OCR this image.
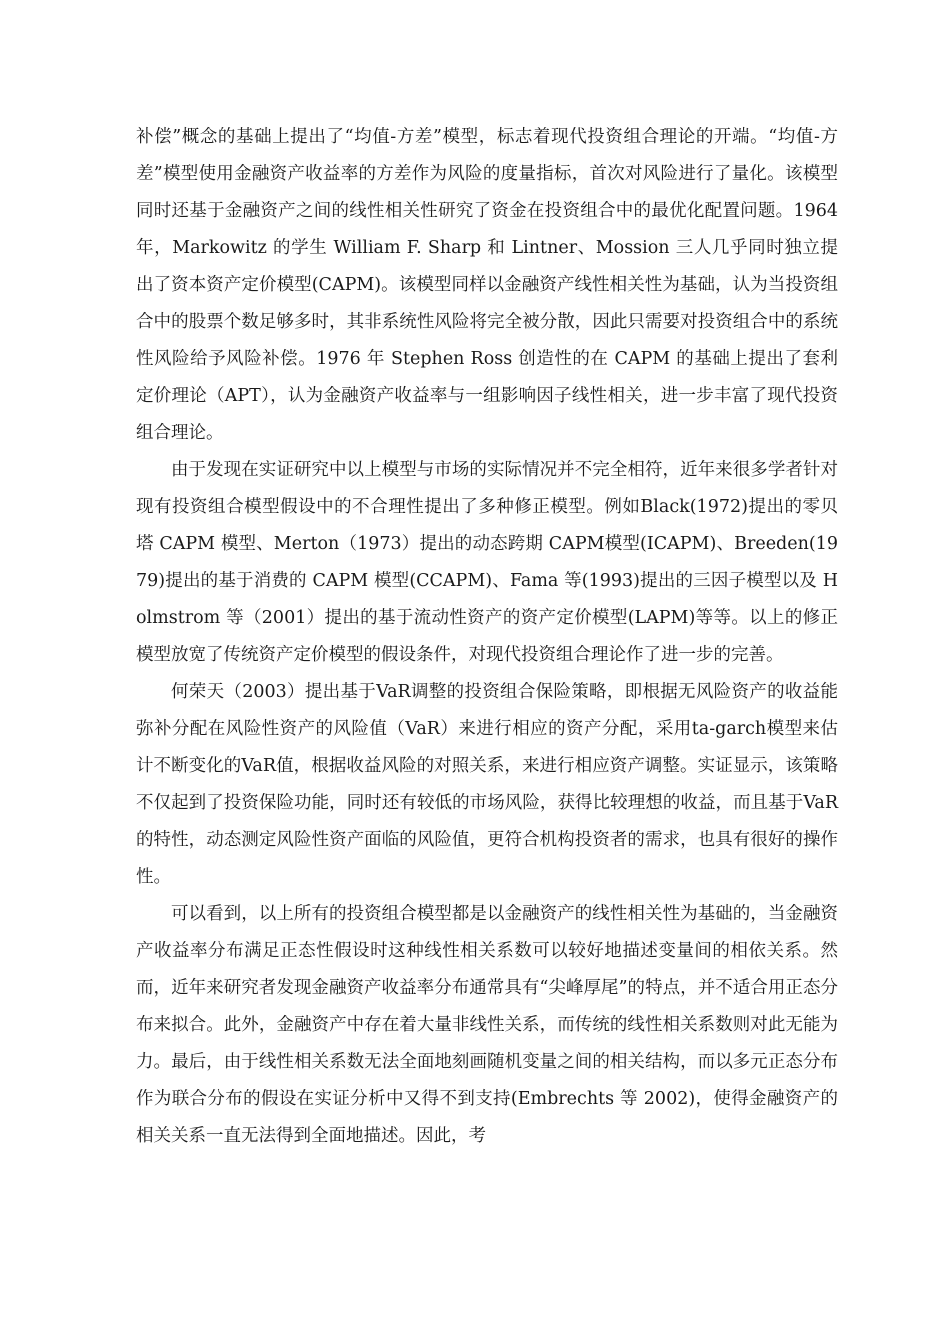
补偿”概念的基础上提出了“均值-方差”模型，标志着现代投资组合理论的开端。“均值-方差”模型使用金融资产收益率的方差作为风险的度量指标，首次对风险进行了量化。该模型同时还基于金融资产之间的线性相关性研究了资金在投资组合中的最优化配置问题。1964 年，Markowitz 的学生 William F. Sharp 和 Lintner、Mossion 三人几乎同时独立提出了资本资产定价模型(CAPM)。该模型同样以金融资产线性相关性为基础，认为当投资组合中的股票个数足够多时，其非系统性风险将完全被分散，因此只需要对投资组合中的系统性风险给予风险补偿。1976 年 Stephen Ross 创造性的在 CAPM 的基础上提出了套利定价理论（APT），认为金融资产收益率与一组影响因子线性相关，进一步丰富了现代投资组合理论。

由于发现在实证研究中以上模型与市场的实际情况并不完全相符，近年来很多学者针对现有投资组合模型假设中的不合理性提出了多种修正模型。例如Black(1972)提出的零贝塔 CAPM 模型、Merton（1973）提出的动态跨期 CAPM模型(ICAPM)、Breeden(1979)提出的基于消费的 CAPM 模型(CCAPM)、Fama 等(1993)提出的三因子模型以及 Holmstrom 等（2001）提出的基于流动性资产的资产定价模型(LAPM)等等。以上的修正模型放宽了传统资产定价模型的假设条件，对现代投资组合理论作了进一步的完善。

何荣天（2003）提出基于VaR调整的投资组合保险策略，即根据无风险资产的收益能弥补分配在风险性资产的风险值（VaR）来进行相应的资产分配，采用ta-garch模型来估计不断变化的VaR值，根据收益风险的对照关系，来进行相应资产调整。实证显示，该策略不仅起到了投资保险功能，同时还有较低的市场风险，获得比较理想的收益，而且基于VaR的特性，动态测定风险性资产面临的风险值，更符合机构投资者的需求，也具有很好的操作性。

可以看到，以上所有的投资组合模型都是以金融资产的线性相关性为基础的，当金融资产收益率分布满足正态性假设时这种线性相关系数可以较好地描述变量间的相依关系。然而，近年来研究者发现金融资产收益率分布通常具有“尖峰厚尾”的特点，并不适合用正态分布来拟合。此外，金融资产中存在着大量非线性关系，而传统的线性相关系数则对此无能为力。最后，由于线性相关系数无法全面地刻画随机变量之间的相关结构，而以多元正态分布作为联合分布的假设在实证分析中又得不到支持(Embrechts 等 2002)，使得金融资产的相关关系一直无法得到全面地描述。因此，考
